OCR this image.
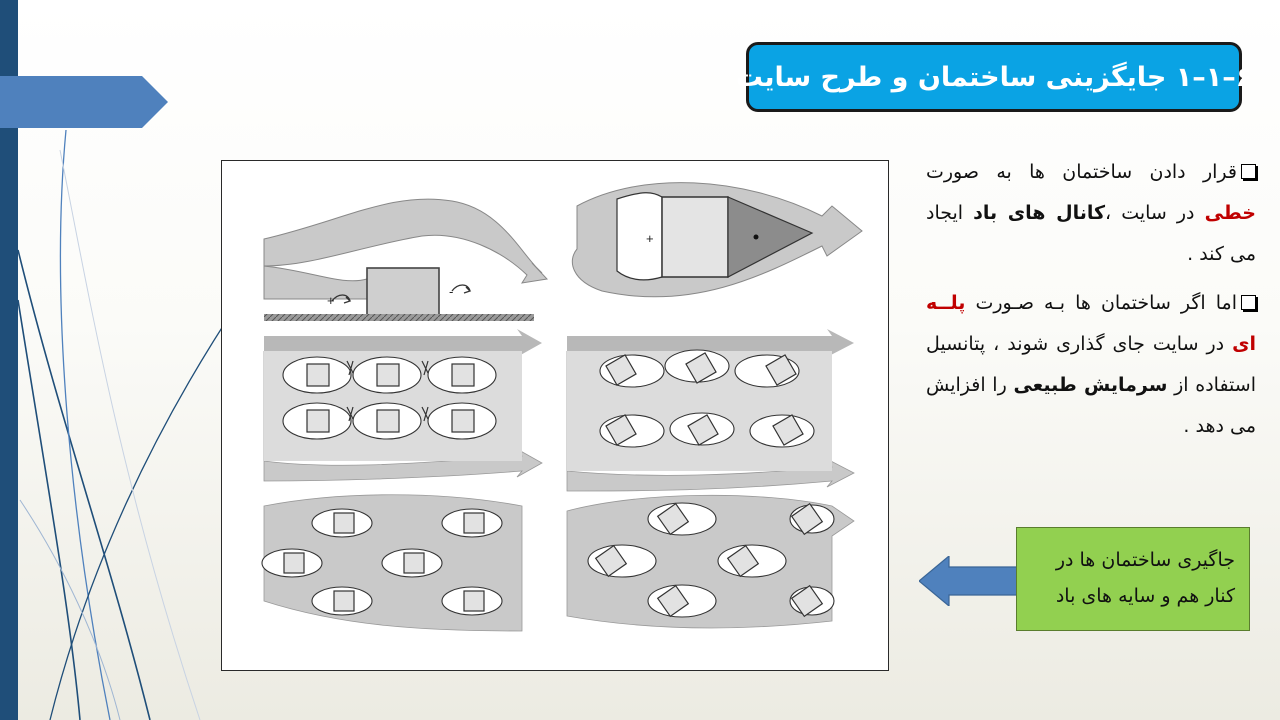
۶–۱–۱ جایگزینی ساختمان و طرح سایت
+
-
+

قرار دادن ساختمان ها به صورت خطی در سایت ،کانال های باد ایجاد می کند .

اما اگر ساختمان ها بـه صـورت پلــه ای در سایت جای گذاری شوند ، پتانسیل استفاده از سرمایش طبیعی را افزایش می دهد .

جاگیری ساختمان ها در کنار هم و سایه های باد
